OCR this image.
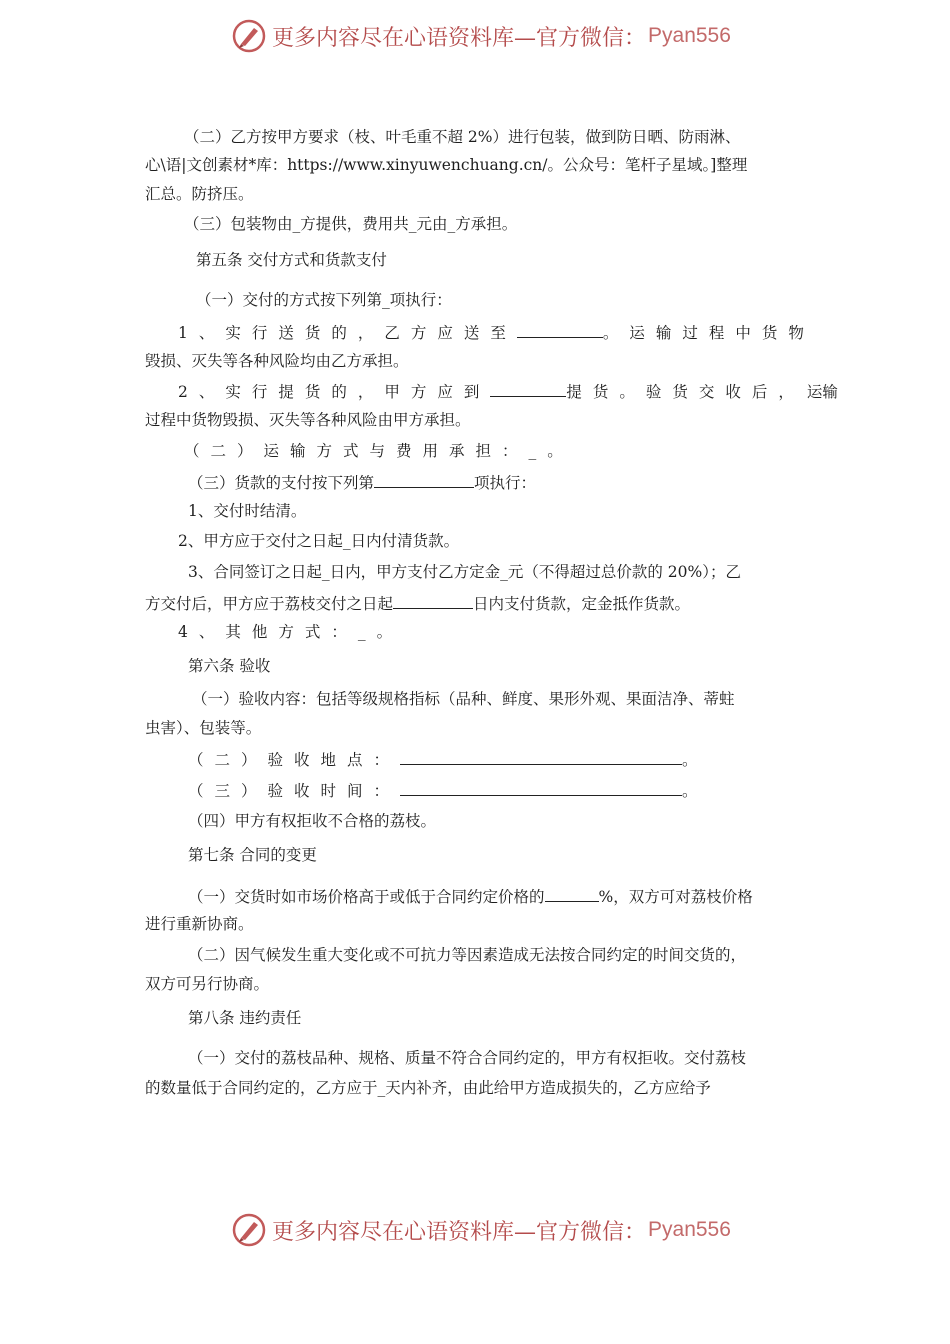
更多内容尽在心语资料库—官方微信： Pyan556
（二）乙方按甲方要求（枝、叶毛重不超 2%）进行包装，做到防日晒、防雨淋、
心\语|文创素材*库：https://www.xinyuwenchuang.cn/。公众号：笔杆子星域。]整理
汇总。防挤压。
（三）包装物由_方提供，费用共_元由_方承担。
第五条 交付方式和货款支付
（一）交付的方式按下列第_项执行：
1、实行送货的，乙方应送至	。运输过程中货物
毁损、灭失等各种风险均由乙方承担。
2、实行提货的，甲方应到	提货。验货交收后， 运输
过程中货物毁损、灭失等各种风险由甲方承担。
（二）运输方式与费用承担：_。
（三）货款的支付按下列第	项执行：
1、交付时结清。
2、甲方应于交付之日起_日内付清货款。
3、合同签订之日起_日内，甲方支付乙方定金_元（不得超过总价款的 20%）；乙
方交付后，甲方应于荔枝交付之日起	日内支付货款，定金抵作货款。
4、其他方式：_。
第六条 验收
（一）验收内容：包括等级规格指标（品种、鲜度、果形外观、果面洁净、蒂蛀
虫害）、包装等。
（二）验收地点：	。
（三）验收时间：	。
（四）甲方有权拒收不合格的荔枝。
第七条 合同的变更
（一）交货时如市场价格高于或低于合同约定价格的	%，双方可对荔枝价格
进行重新协商。
（二）因气候发生重大变化或不可抗力等因素造成无法按合同约定的时间交货的，
双方可另行协商。
第八条 违约责任
（一）交付的荔枝品种、规格、质量不符合合同约定的，甲方有权拒收。交付荔枝
的数量低于合同约定的，乙方应于_天内补齐，由此给甲方造成损失的，乙方应给予
更多内容尽在心语资料库—官方微信： Pyan556
